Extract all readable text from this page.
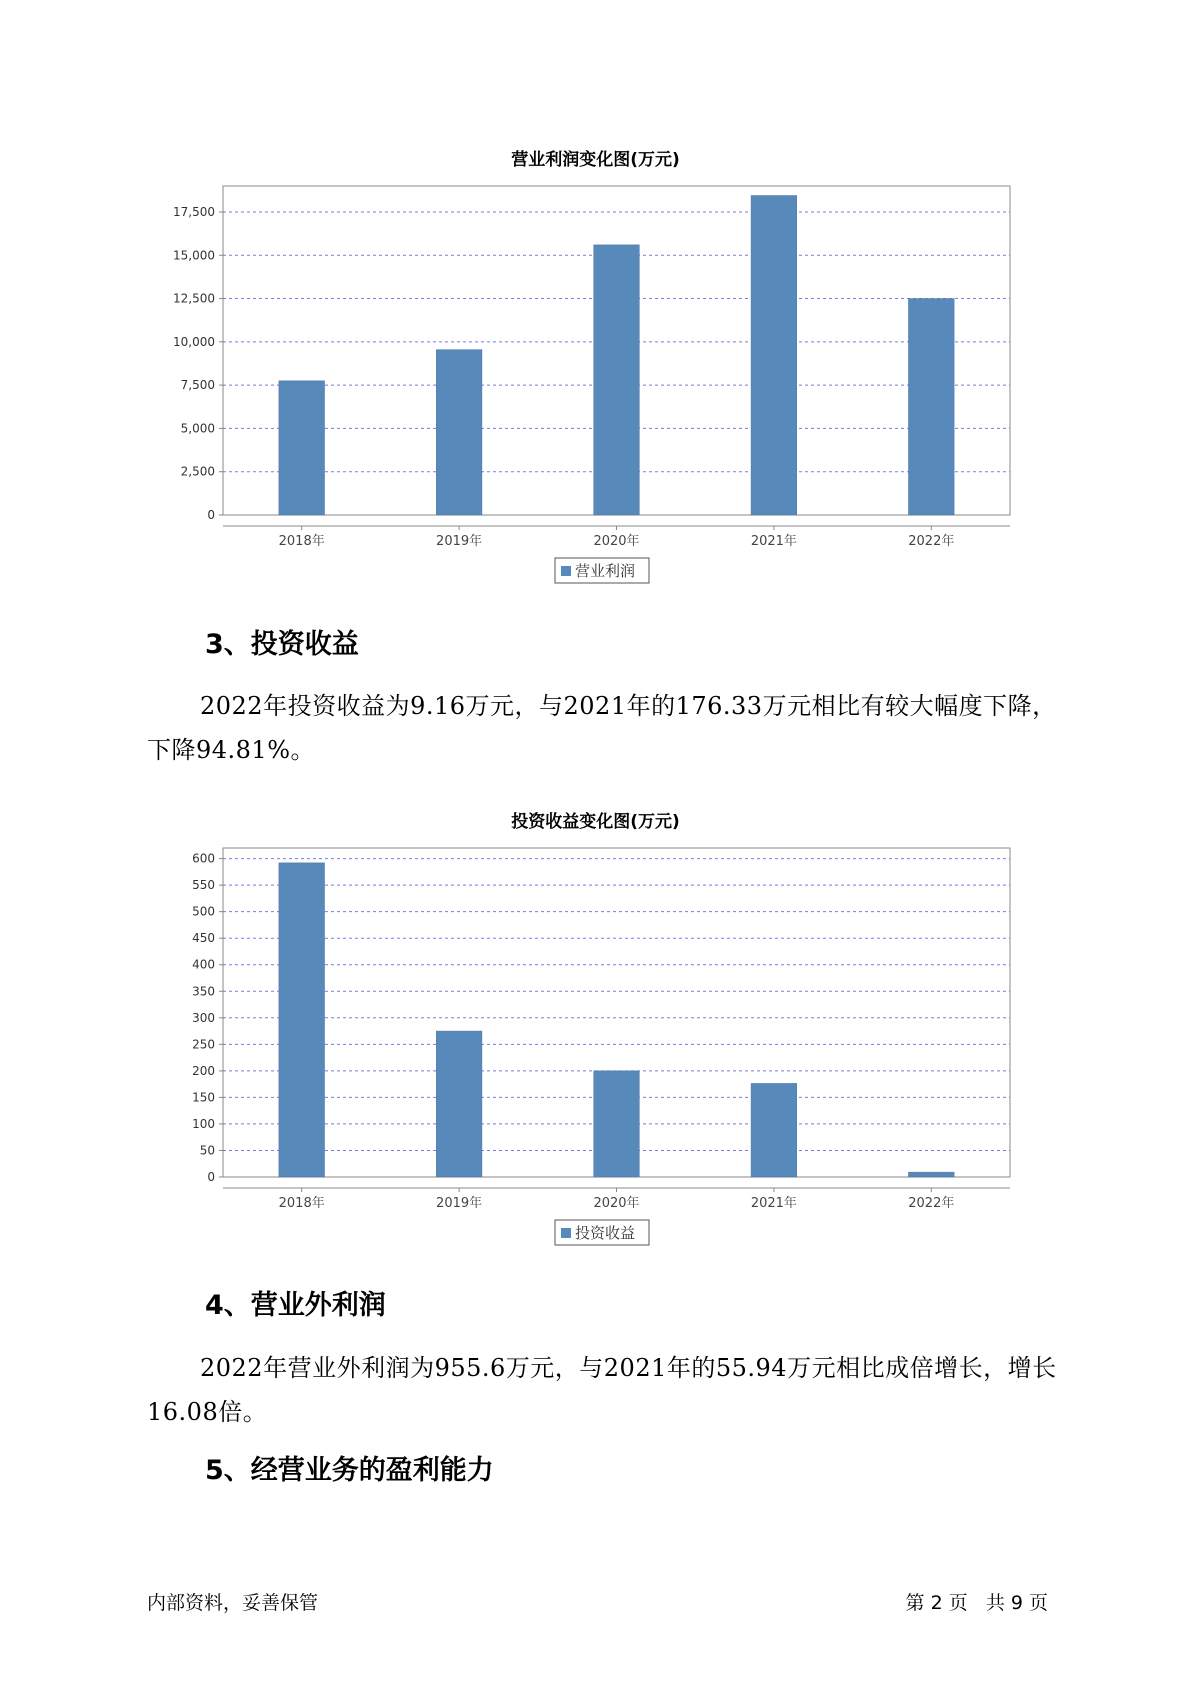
营业利润变化图(万元)
0
2,500
5,000
7,500
10,000
12,500
15,000
17,500
2018年	2019年	2020年	2021年	2022年
营业利润
3、投资收益
2022年投资收益为9.16万元，与2021年的176.33万元相比有较大幅度下降，下降94.81%。
投资收益变化图(万元)
0
50
100
150
200
250
300
350
400
450
500
550
600
2018年	2019年	2020年	2021年	2022年
投资收益
4、营业外利润
2022年营业外利润为955.6万元，与2021年的55.94万元相比成倍增长，增长16.08倍。
5、经营业务的盈利能力
内部资料，妥善保管	第 2 页   共 9 页
